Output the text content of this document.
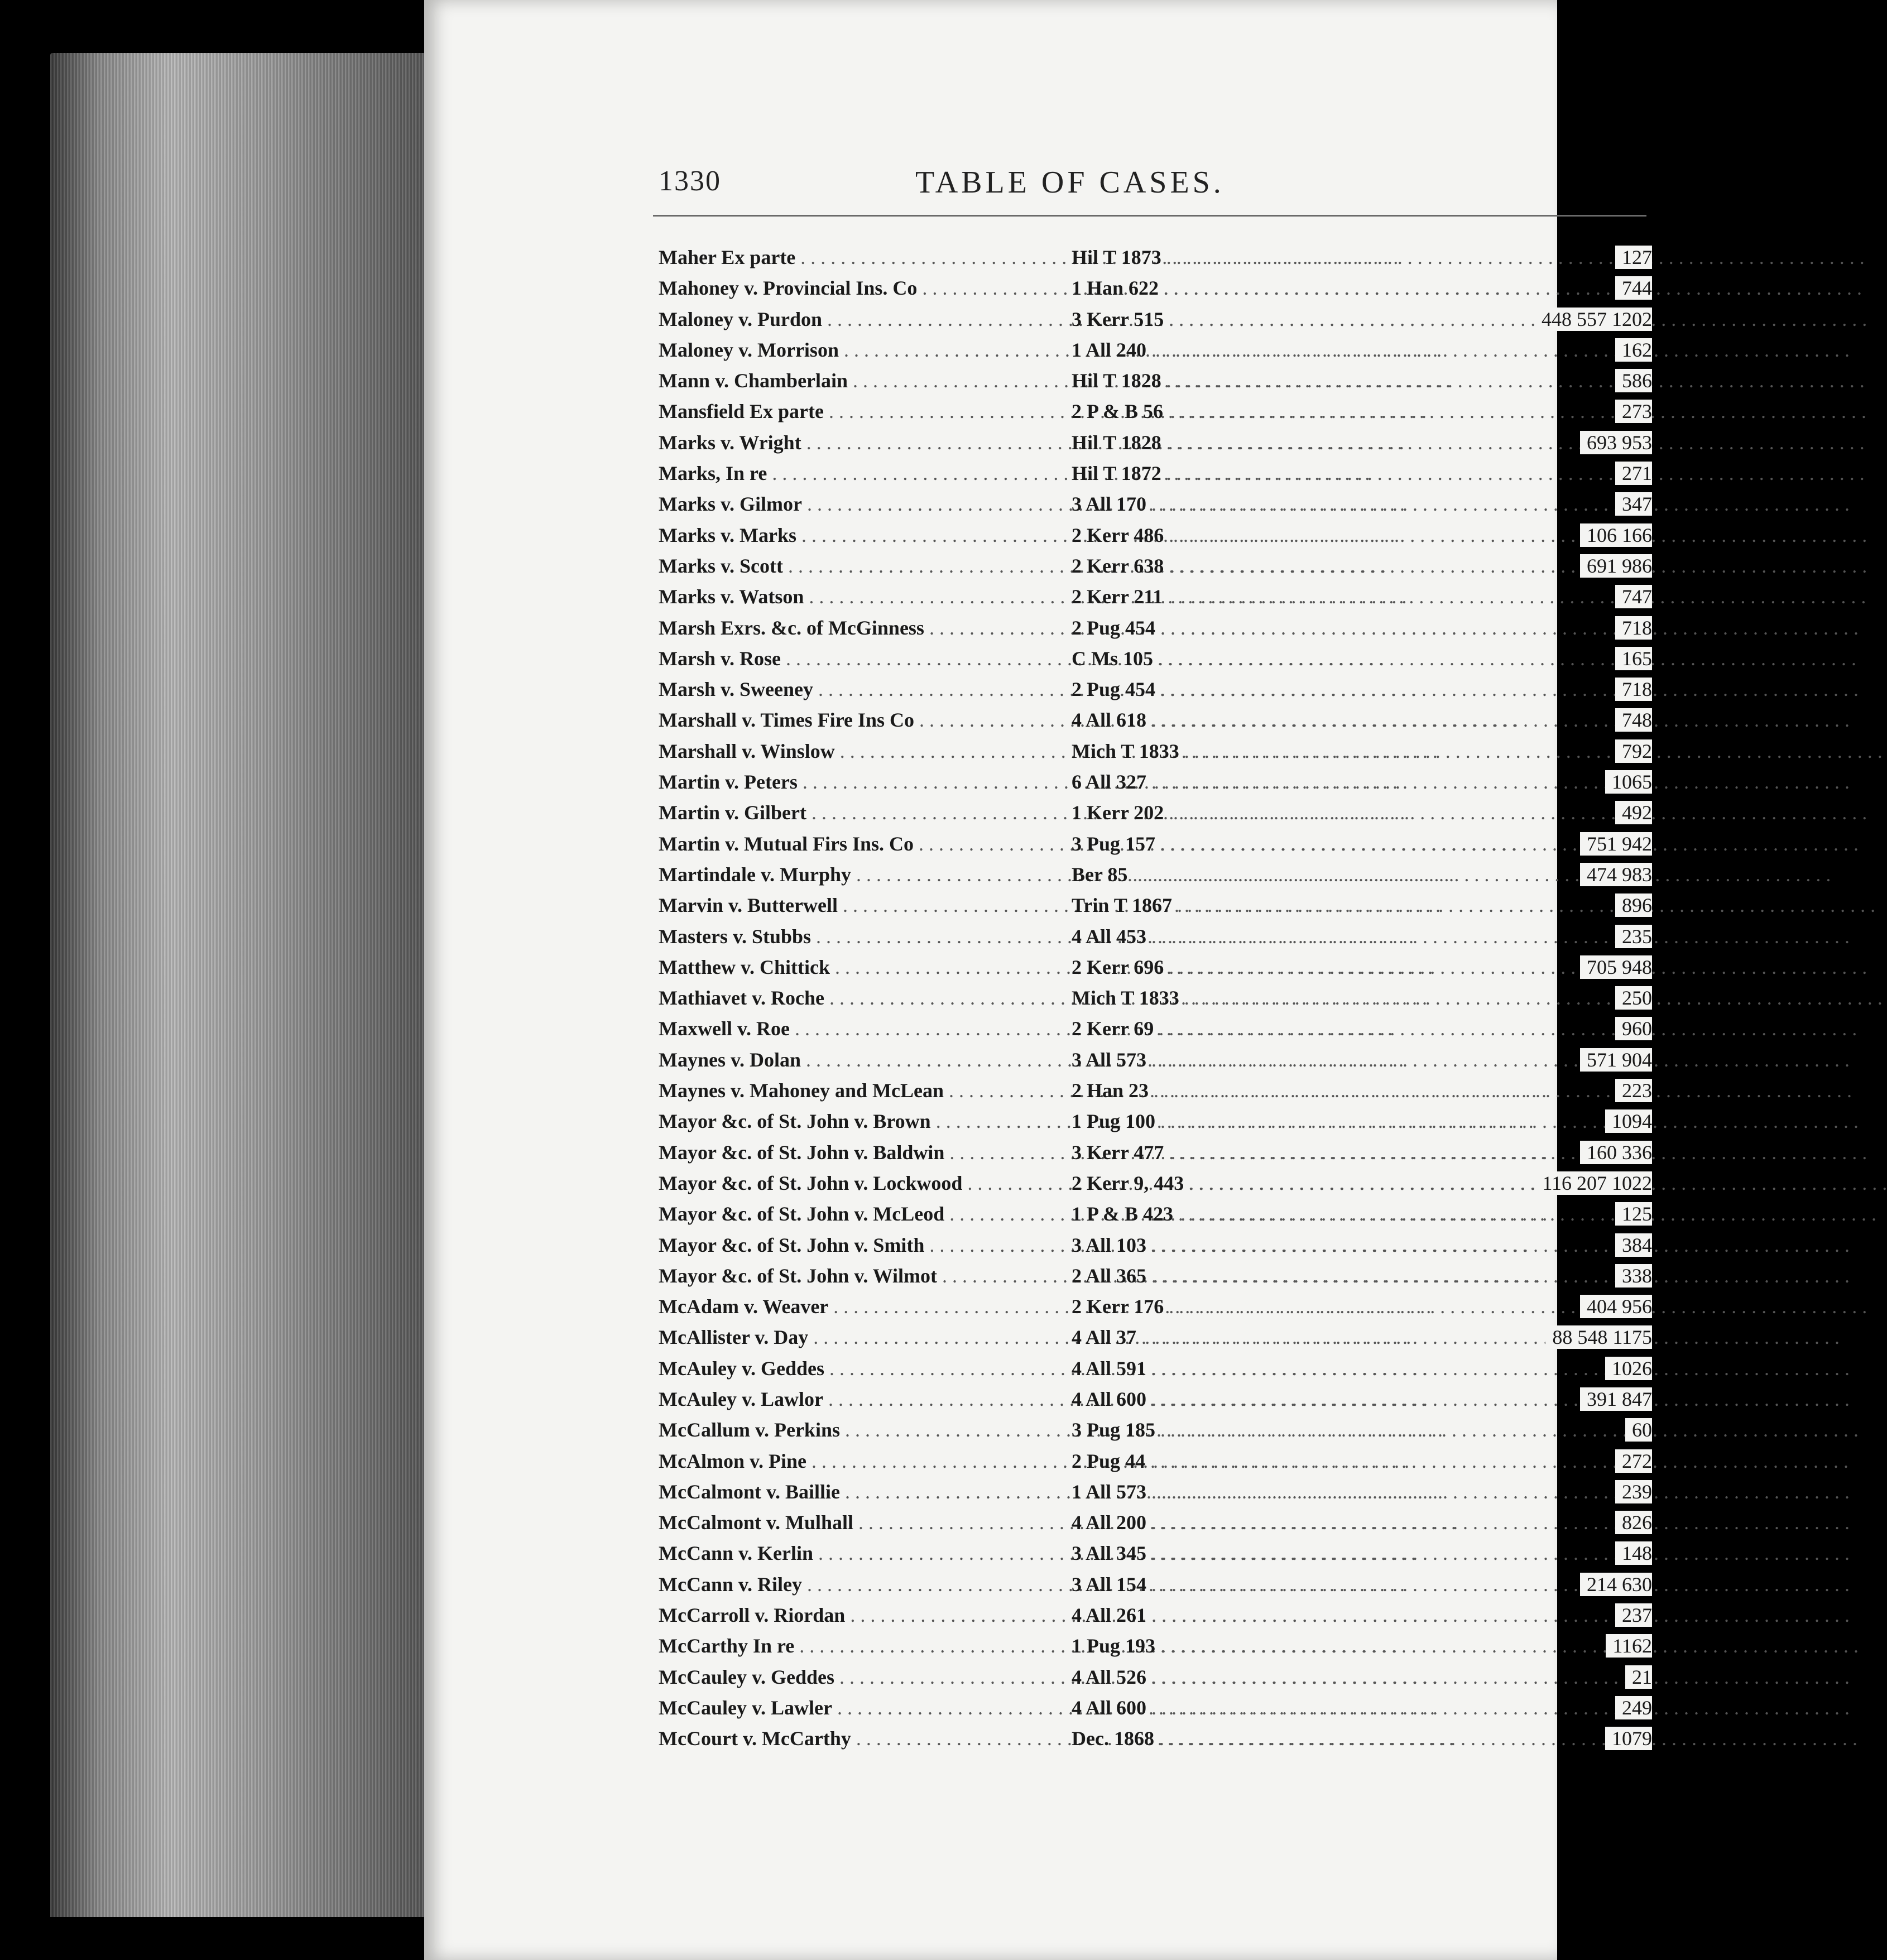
1330	TABLE OF CASES.
Maher Ex parte . . .	Hil T 1873 . . .	127
Mahoney v. Provincial Ins. Co . . .	1 Han 622 . . .	744
Maloney v. Purdon . . .	3 Kerr 515 . . .	448 557 1202
Maloney v. Morrison . . .	1 All 240 . . .	162
Mann v. Chamberlain . . .	Hil T 1828 . . .	586
Mansfield Ex parte . . .	2 P & B 56 . . .	273
Marks v. Wright . . .	Hil T 1828 . . .	693 953
Marks, In re . . .	Hil T 1872 . . .	271
Marks v. Gilmor . . .	3 All 170 . . .	347
Marks v. Marks . . .	2 Kerr 486 . . .	106 166
Marks v. Scott . . .	2 Kerr 638 . . .	691 986
Marks v. Watson . . .	2 Kerr 211 . . .	747
Marsh Exrs. &c. of McGinness . . .	2 Pug 454 . . .	718
Marsh v. Rose . . .	C Ms 105 . . .	165
Marsh v. Sweeney . . .	2 Pug 454 . . .	718
Marshall v. Times Fire Ins Co . . .	4 All 618 . . .	748
Marshall v. Winslow . . .	Mich T 1833 . . .	792
Martin v. Peters . . .	6 All 327 . . .	1065
Martin v. Gilbert . . .	1 Kerr 202 . . .	492
Martin v. Mutual Firs Ins. Co . . .	3 Pug 157 . . .	751 942
Martindale v. Murphy . . .	Ber 85 . . .	474 983
Marvin v. Butterwell . . .	Trin T 1867 . . .	896
Masters v. Stubbs . . .	4 All 453 . . .	235
Matthew v. Chittick . . .	2 Kerr 696 . . .	705 948
Mathiavet v. Roche . . .	Mich T 1833 . . .	250
Maxwell v. Roe . . .	2 Kerr 69 . . .	960
Maynes v. Dolan . . .	3 All 573 . . .	571 904
Maynes v. Mahoney and McLean . . .	2 Han 23 . . .	223
Mayor &c. of St. John v. Brown . . .	1 Pug 100 . . .	1094
Mayor &c. of St. John v. Baldwin . . .	3 Kerr 477 . . .	160 336
Mayor &c. of St. John v. Lockwood . . .	2 Kerr 9, 443 . . .	116 207 1022
Mayor &c. of St. John v. McLeod . . .	1 P & B 423 . . .	125
Mayor &c. of St. John v. Smith . . .	3 All 103 . . .	384
Mayor &c. of St. John v. Wilmot . . .	2 All 365 . . .	338
McAdam v. Weaver . . .	2 Kerr 176 . . .	404 956
McAllister v. Day . . .	4 All 37 . . .	88 548 1175
McAuley v. Geddes . . .	4 All 591 . . .	1026
McAuley v. Lawlor . . .	4 All 600 . . .	391 847
McCallum v. Perkins . . .	3 Pug 185 . . .	60
McAlmon v. Pine . . .	2 Pug 44 . . .	272
McCalmont v. Baillie . . .	1 All 573 . . .	239
McCalmont v. Mulhall . . .	4 All 200 . . .	826
McCann v. Kerlin . . .	3 All 345 . . .	148
McCann v. Riley . . .	3 All 154 . . .	214 630
McCarroll v. Riordan . . .	4 All 261 . . .	237
McCarthy In re . . .	1 Pug 193 . . .	1162
McCauley v. Geddes . . .	4 All 526 . . .	21
McCauley v. Lawler . . .	4 All 600 . . .	249
McCourt v. McCarthy . . .	Dec. 1868 . . .	1079
